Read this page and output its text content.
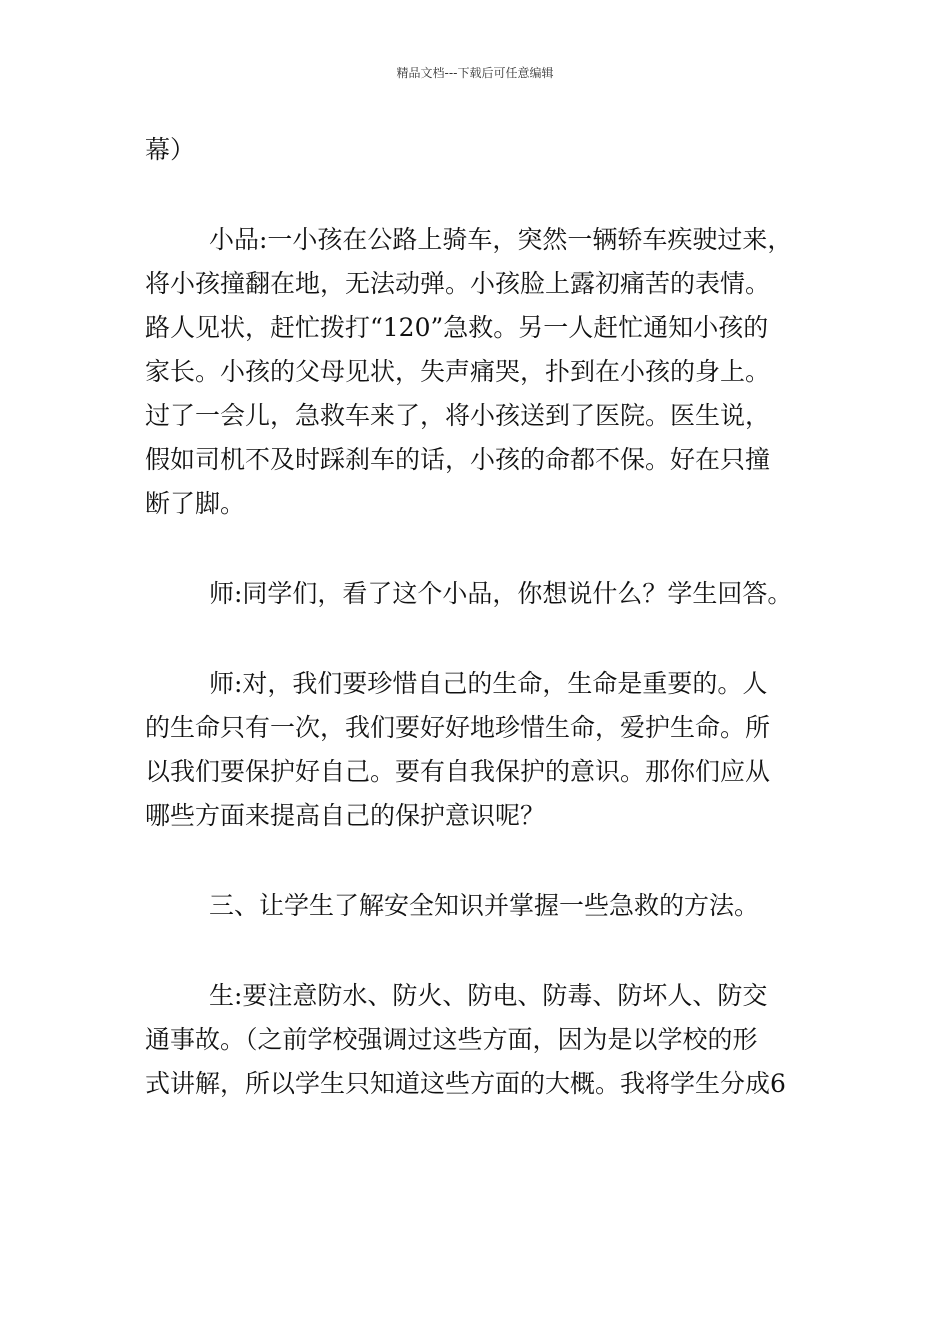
精品文档---下载后可任意编辑
幕）
小品:一小孩在公路上骑车，突然一辆轿车疾驶过来，
将小孩撞翻在地，无法动弹。小孩脸上露初痛苦的表情。
路人见状，赶忙拨打“120”急救。另一人赶忙通知小孩的
家长。小孩的父母见状，失声痛哭，扑到在小孩的身上。
过了一会儿，急救车来了，将小孩送到了医院。医生说，
假如司机不及时踩刹车的话，小孩的命都不保。好在只撞
断了脚。
师:同学们，看了这个小品，你想说什么？学生回答。
师:对，我们要珍惜自己的生命，生命是重要的。人
的生命只有一次，我们要好好地珍惜生命，爱护生命。所
以我们要保护好自己。要有自我保护的意识。那你们应从
哪些方面来提高自己的保护意识呢？
三、让学生了解安全知识并掌握一些急救的方法。
生:要注意防水、防火、防电、防毒、防坏人、防交
通事故。（之前学校强调过这些方面，因为是以学校的形
式讲解，所以学生只知道这些方面的大概。我将学生分成6
